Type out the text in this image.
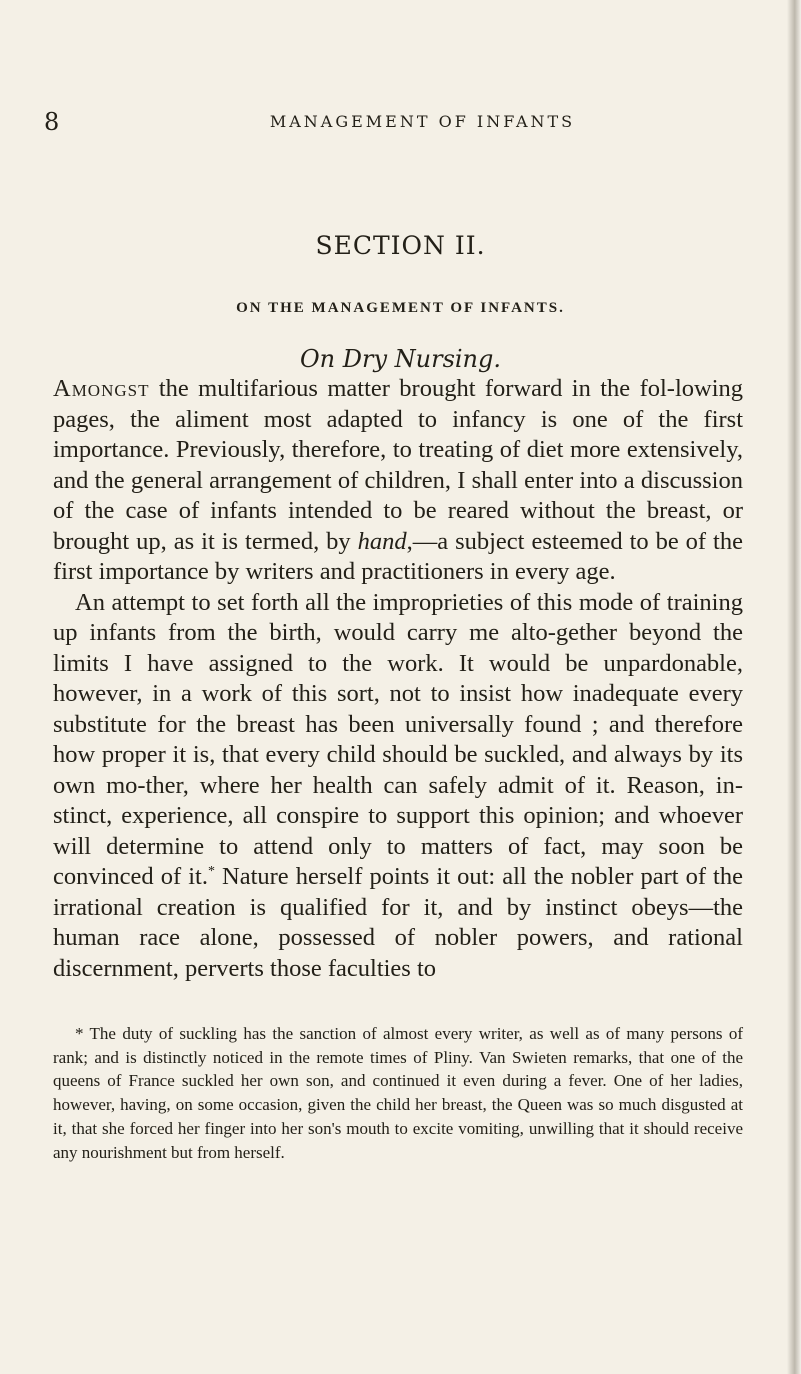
8	MANAGEMENT OF INFANTS
SECTION II.
ON THE MANAGEMENT OF INFANTS.
On Dry Nursing.

Amongst the multifarious matter brought forward in the fol-lowing pages, the aliment most adapted to infancy is one of the first importance. Previously, therefore, to treating of diet more extensively, and the general arrangement of children, I shall enter into a discussion of the case of infants intended to be reared without the breast, or brought up, as it is termed, by hand,—a subject esteemed to be of the first importance by writers and practitioners in every age.

An attempt to set forth all the improprieties of this mode of training up infants from the birth, would carry me alto-gether beyond the limits I have assigned to the work. It would be unpardonable, however, in a work of this sort, not to insist how inadequate every substitute for the breast has been universally found ; and therefore how proper it is, that every child should be suckled, and always by its own mo-ther, where her health can safely admit of it. Reason, in-stinct, experience, all conspire to support this opinion; and whoever will determine to attend only to matters of fact, may soon be convinced of it.* Nature herself points it out: all the nobler part of the irrational creation is qualified for it, and by instinct obeys—the human race alone, possessed of nobler powers, and rational discernment, perverts those faculties to

* The duty of suckling has the sanction of almost every writer, as well as of many persons of rank; and is distinctly noticed in the remote times of Pliny. Van Swieten remarks, that one of the queens of France suckled her own son, and continued it even during a fever. One of her ladies, however, having, on some occasion, given the child her breast, the Queen was so much disgusted at it, that she forced her finger into her son's mouth to excite vomiting, unwilling that it should receive any nourishment but from herself.
